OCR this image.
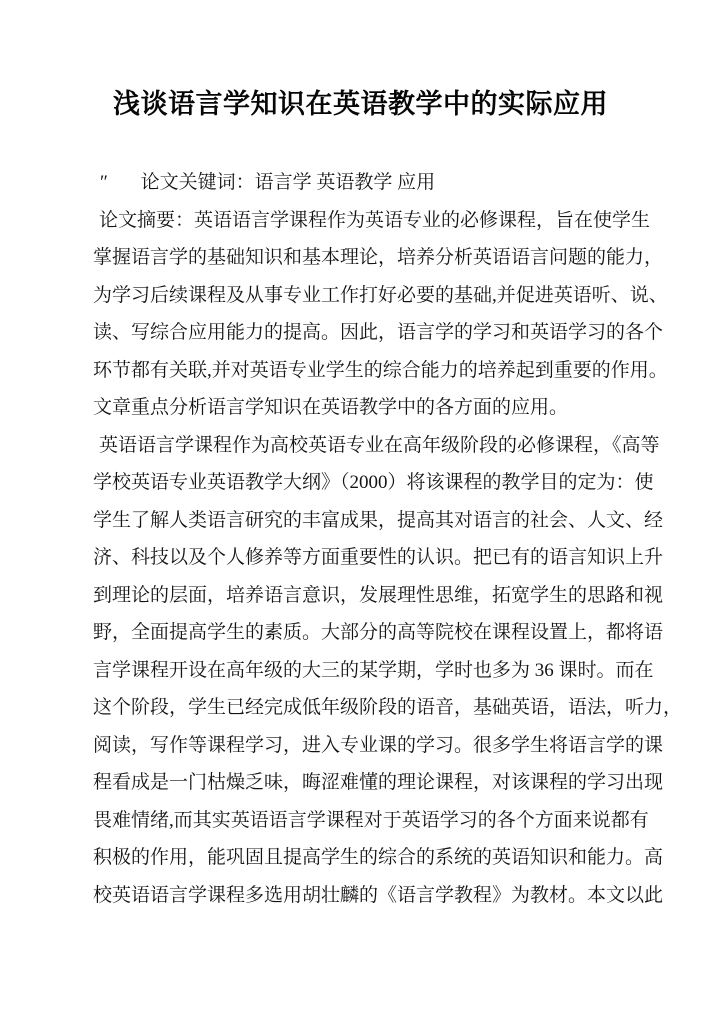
浅谈语言学知识在英语教学中的实际应用
″ 论文关键词：语言学 英语教学 应用
论文摘要：英语语言学课程作为英语专业的必修课程，旨在使学生
掌握语言学的基础知识和基本理论，培养分析英语语言问题的能力，
为学习后续课程及从事专业工作打好必要的基础,并促进英语听、说、
读、写综合应用能力的提高。因此，语言学的学习和英语学习的各个
环节都有关联,并对英语专业学生的综合能力的培养起到重要的作用。
文章重点分析语言学知识在英语教学中的各方面的应用。
英语语言学课程作为高校英语专业在高年级阶段的必修课程，《高等
学校英语专业英语教学大纲》（2000）将该课程的教学目的定为：使
学生了解人类语言研究的丰富成果，提高其对语言的社会、人文、经
济、科技以及个人修养等方面重要性的认识。把已有的语言知识上升
到理论的层面，培养语言意识，发展理性思维，拓宽学生的思路和视
野，全面提高学生的素质。大部分的高等院校在课程设置上，都将语
言学课程开设在高年级的大三的某学期，学时也多为 36 课时。而在
这个阶段，学生已经完成低年级阶段的语音，基础英语，语法，听力，
阅读，写作等课程学习，进入专业课的学习。很多学生将语言学的课
程看成是一门枯燥乏味，晦涩难懂的理论课程，对该课程的学习出现
畏难情绪,而其实英语语言学课程对于英语学习的各个方面来说都有
积极的作用，能巩固且提高学生的综合的系统的英语知识和能力。高
校英语语言学课程多选用胡壮麟的《语言学教程》为教材。本文以此
